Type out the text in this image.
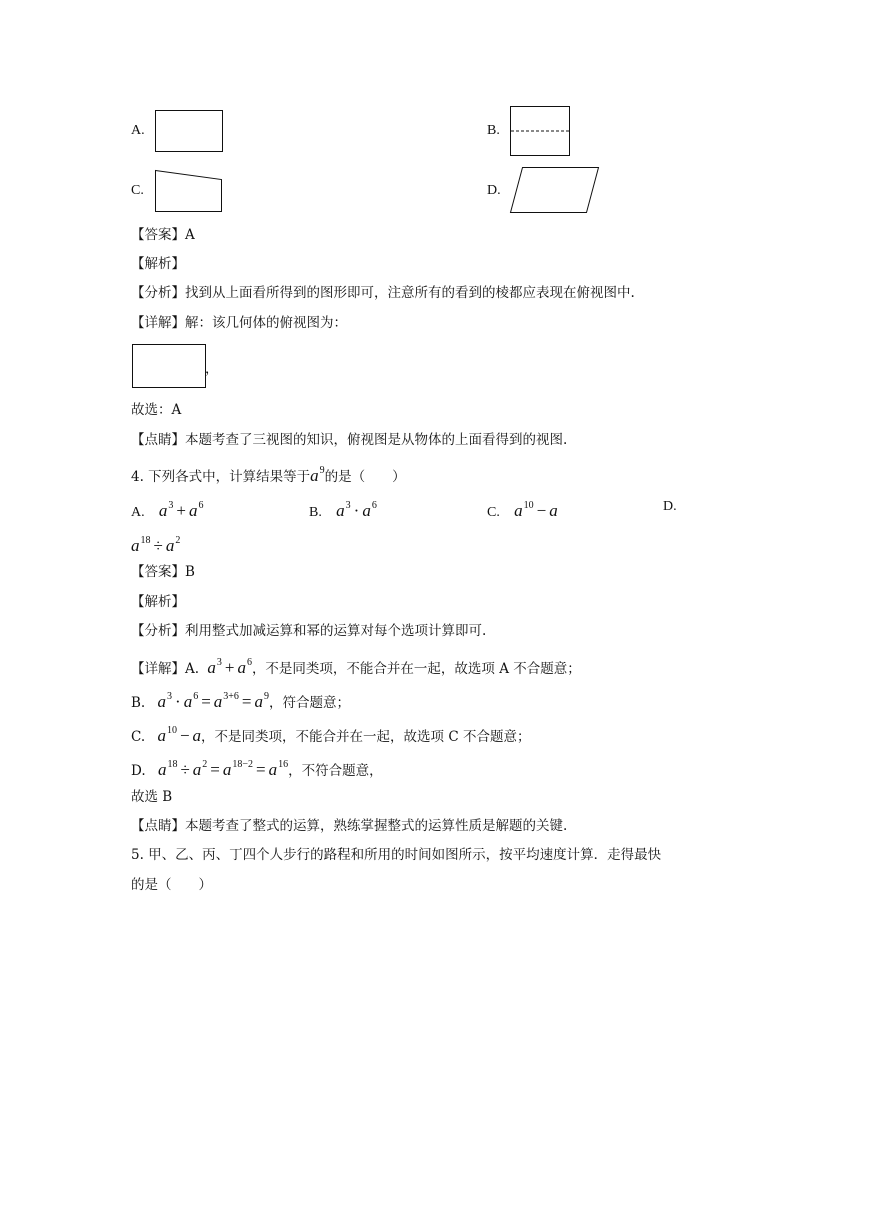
A.	B.
C.	D.
【答案】A
【解析】
【分析】找到从上面看所得到的图形即可，注意所有的看到的棱都应表现在俯视图中.
【详解】解：该几何体的俯视图为：
，
故选：A
【点睛】本题考查了三视图的知识，俯视图是从物体的上面看得到的视图.
4. 下列各式中，计算结果等于$a^9$的是（　　）
A. $a^3 + a^6$	B. $a^3 \cdot a^6$	C. $a^{10} - a$	D.
$a^{18} \div a^2$
【答案】B
【解析】
【分析】利用整式加减运算和幂的运算对每个选项计算即可.
【详解】A. $a^3 + a^6$，不是同类项，不能合并在一起，故选项 A 不合题意；
B. $a^3 \cdot a^6 = a^{3+6} = a^9$，符合题意；
C. $a^{10} - a$，不是同类项，不能合并在一起，故选项 C 不合题意；
D. $a^{18} \div a^2 = a^{18-2} = a^{16}$，不符合题意，
故选 B
【点睛】本题考查了整式的运算，熟练掌握整式的运算性质是解题的关键.
5. 甲、乙、丙、丁四个人步行的路程和所用的时间如图所示，按平均速度计算．走得最快
的是（　　）
